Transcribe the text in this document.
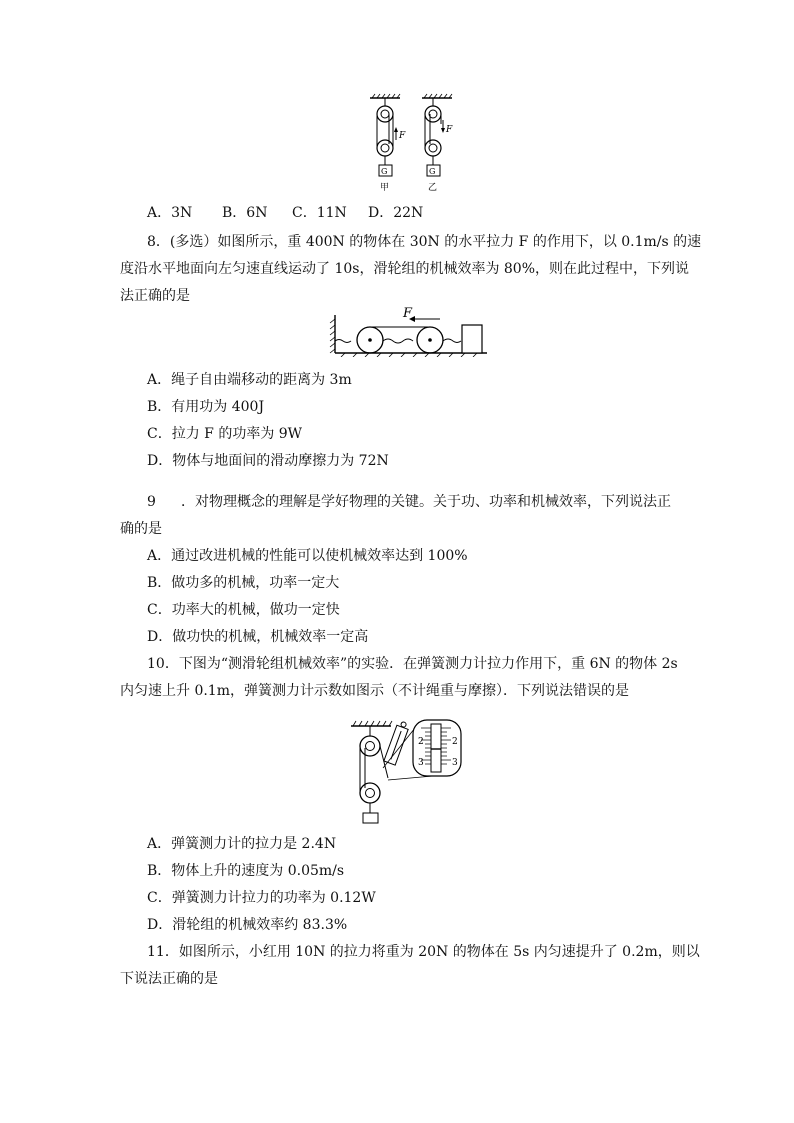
G
F
甲
G
F
乙
A．3N B．6N C．11N D．22N
8．(多选）如图所示，重 400N 的物体在 30N 的水平拉力 F 的作用下，以 0.1m/s 的速
度沿水平地面向左匀速直线运动了 10s，滑轮组的机械效率为 80%，则在此过程中，下列说
法正确的是
F
A．绳子自由端移动的距离为 3m
B．有用功为 400J
C．拉力 F 的功率为 9W
D．物体与地面间的滑动摩擦力为 72N
9 ．对物理概念的理解是学好物理的关键。关于功、功率和机械效率，下列说法正
确的是
A．通过改进机械的性能可以使机械效率达到 100%
B．做功多的机械，功率一定大
C．功率大的机械，做功一定快
D．做功快的机械，机械效率一定高
10．下图为“测滑轮组机械效率”的实验．在弹簧测力计拉力作用下，重 6N 的物体 2s
内匀速上升 0.1m，弹簧测力计示数如图示（不计绳重与摩擦）．下列说法错误的是
2	2
3	3
A．弹簧测力计的拉力是 2.4N
B．物体上升的速度为 0.05m/s
C．弹簧测力计拉力的功率为 0.12W
D．滑轮组的机械效率约 83.3%
11．如图所示，小红用 10N 的拉力将重为 20N 的物体在 5s 内匀速提升了 0.2m，则以
下说法正确的是
